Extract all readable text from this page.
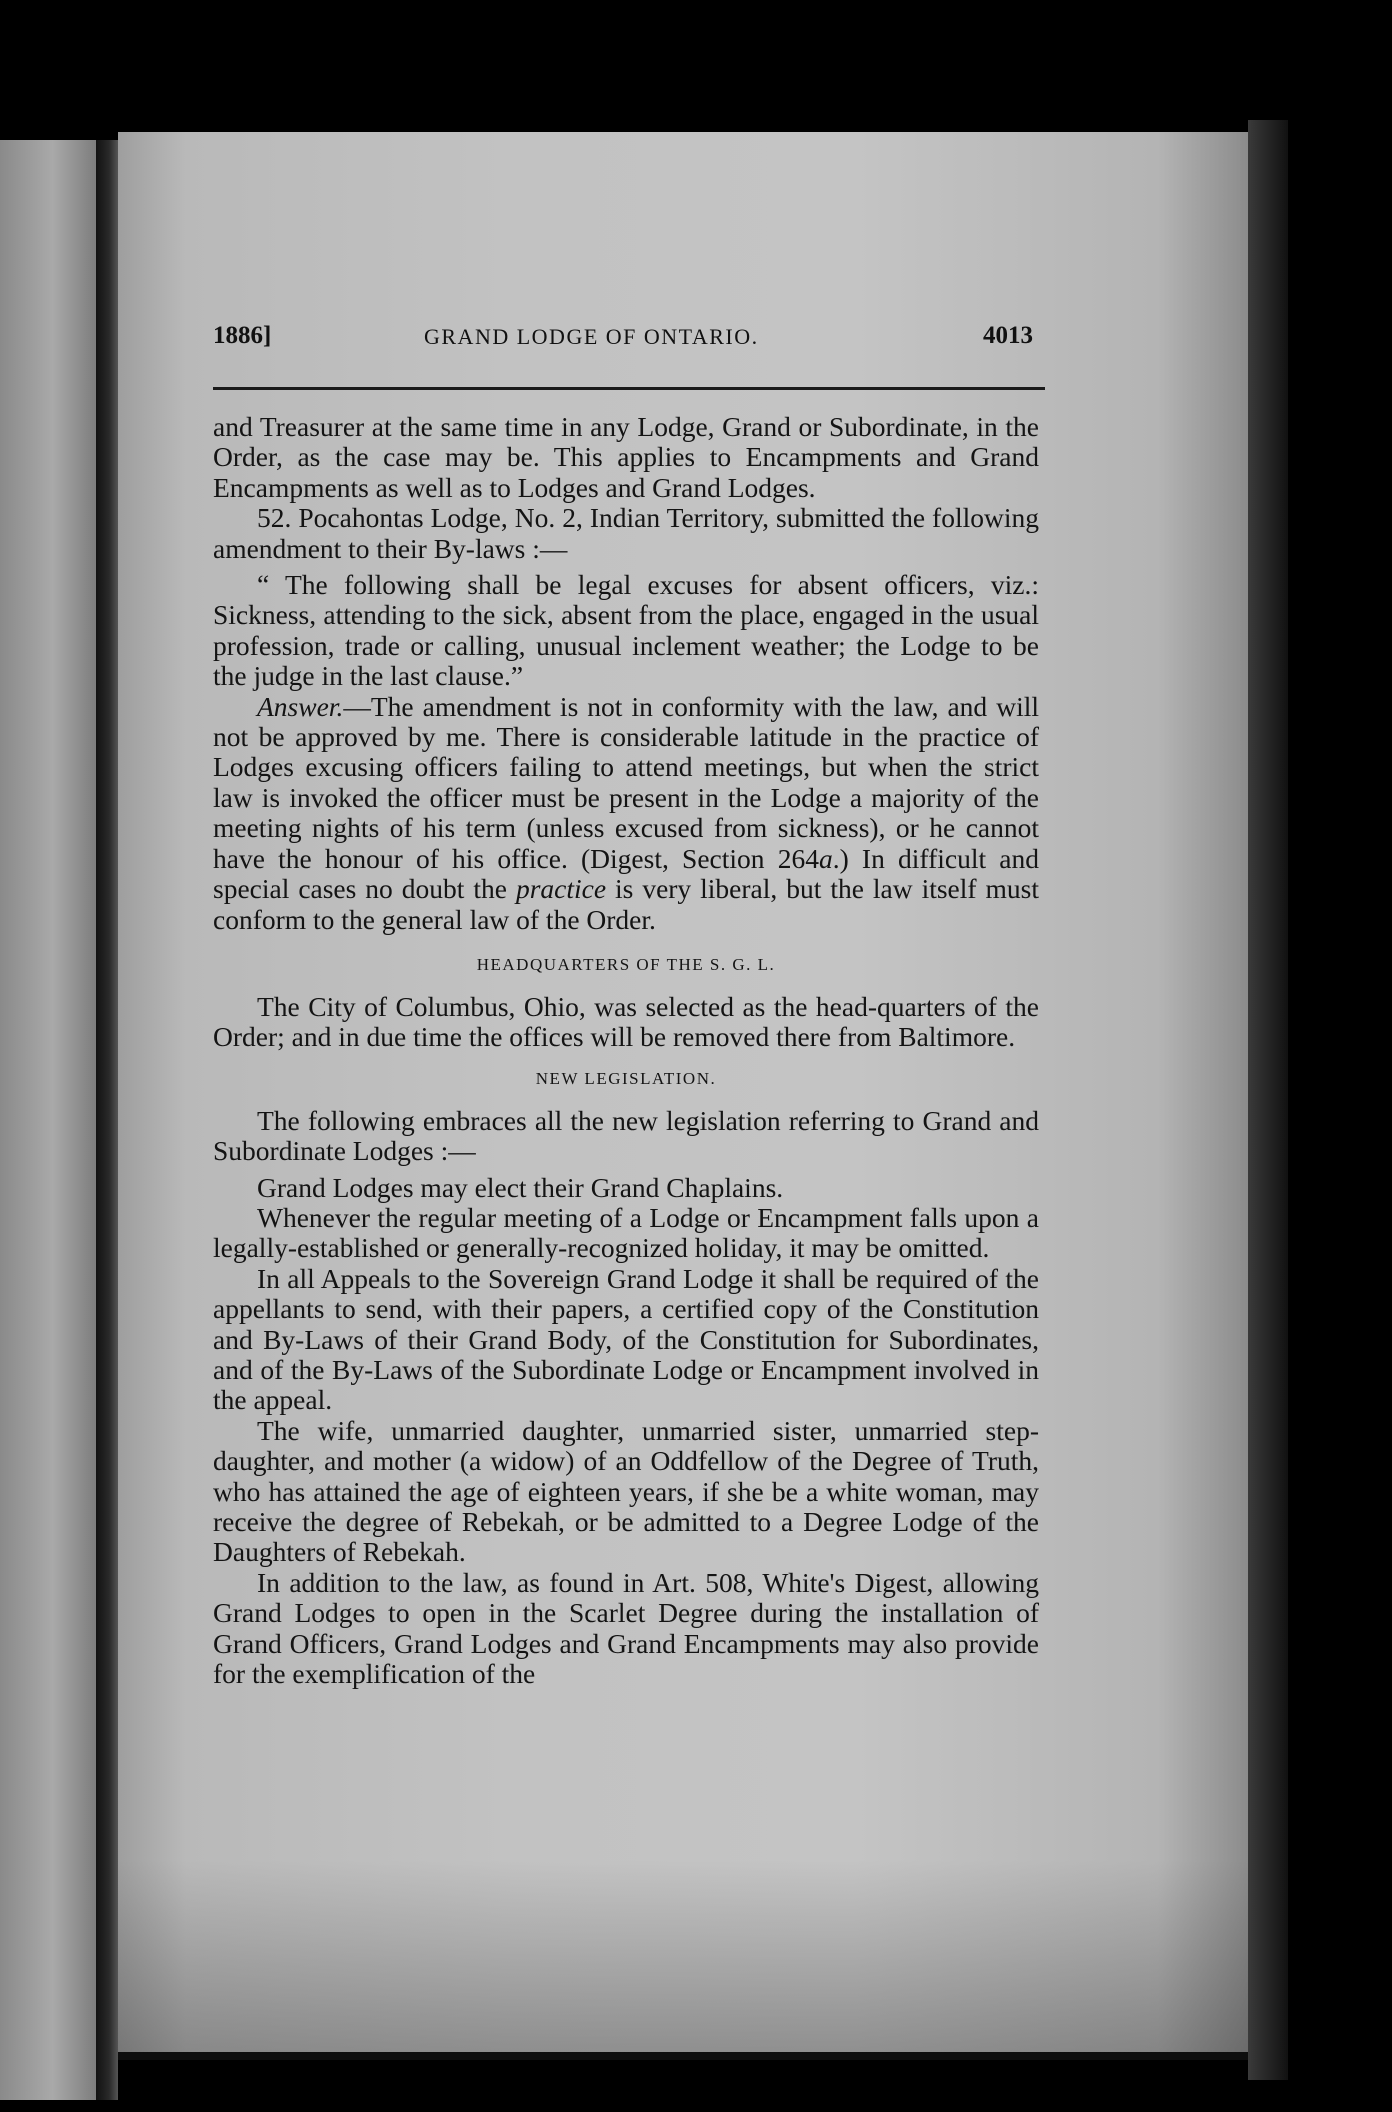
1886]	GRAND LODGE OF ONTARIO.	4013

and Treasurer at the same time in any Lodge, Grand or Subordinate, in the Order, as the case may be. This applies to Encampments and Grand Encampments as well as to Lodges and Grand Lodges.

52. Pocahontas Lodge, No. 2, Indian Territory, submitted the following amendment to their By-laws :—

“ The following shall be legal excuses for absent officers, viz.: Sickness, attending to the sick, absent from the place, engaged in the usual profession, trade or calling, unusual inclement weather; the Lodge to be the judge in the last clause.”

Answer.—The amendment is not in conformity with the law, and will not be approved by me. There is considerable latitude in the practice of Lodges excusing officers failing to attend meetings, but when the strict law is invoked the officer must be present in the Lodge a majority of the meeting nights of his term (unless excused from sickness), or he cannot have the honour of his office. (Digest, Section 264a.) In difficult and special cases no doubt the practice is very liberal, but the law itself must conform to the general law of the Order.

HEADQUARTERS OF THE S. G. L.

The City of Columbus, Ohio, was selected as the head-quarters of the Order; and in due time the offices will be removed there from Baltimore.

NEW LEGISLATION.

The following embraces all the new legislation referring to Grand and Subordinate Lodges :—

Grand Lodges may elect their Grand Chaplains.

Whenever the regular meeting of a Lodge or Encampment falls upon a legally-established or generally-recognized holiday, it may be omitted.

In all Appeals to the Sovereign Grand Lodge it shall be required of the appellants to send, with their papers, a certified copy of the Constitution and By-Laws of their Grand Body, of the Constitution for Subordinates, and of the By-Laws of the Subordinate Lodge or Encampment involved in the appeal.

The wife, unmarried daughter, unmarried sister, unmarried step-daughter, and mother (a widow) of an Oddfellow of the Degree of Truth, who has attained the age of eighteen years, if she be a white woman, may receive the degree of Rebekah, or be admitted to a Degree Lodge of the Daughters of Rebekah.

In addition to the law, as found in Art. 508, White's Digest, allowing Grand Lodges to open in the Scarlet Degree during the installation of Grand Officers, Grand Lodges and Grand Encampments may also provide for the exemplification of the
